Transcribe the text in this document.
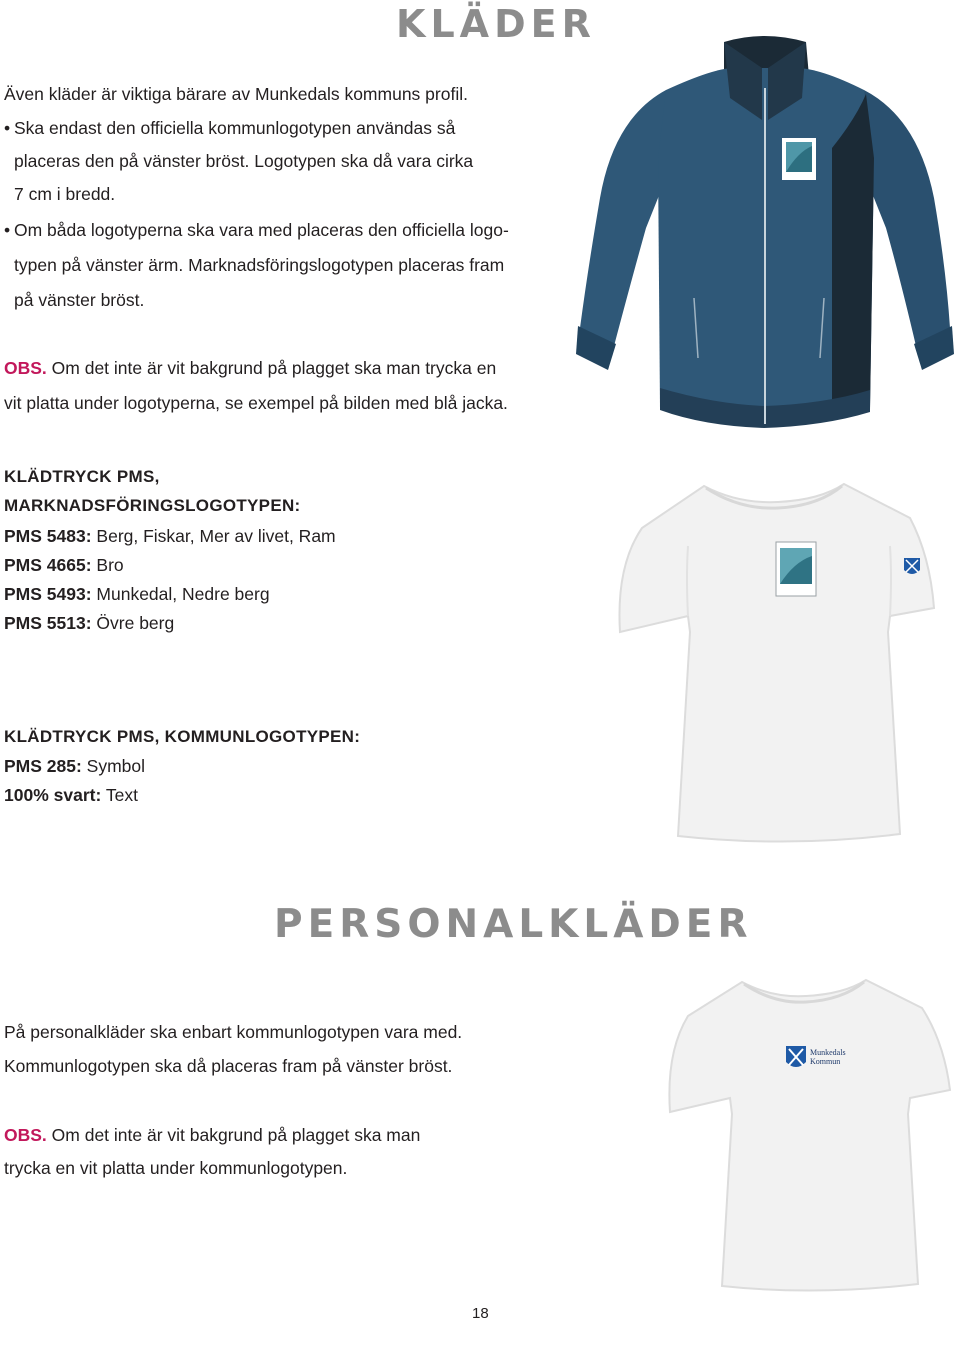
KLÄDER
Även kläder är viktiga bärare av Munkedals kommuns profil.
• Ska endast den officiella kommunlogotypen användas så
placeras den på vänster bröst. Logotypen ska då vara cirka
7 cm i bredd.
• Om båda logotyperna ska vara med placeras den officiella logo-
typen på vänster ärm. Marknadsföringslogotypen placeras fram
på vänster bröst.
OBS. Om det inte är vit bakgrund på plagget ska man trycka en
vit platta under logotyperna, se exempel på bilden med blå jacka.
KLÄDTRYCK PMS,
MARKNADSFÖRINGSLOGOTYPEN:
PMS 5483: Berg, Fiskar, Mer av livet, Ram
PMS 4665: Bro
PMS 5493: Munkedal, Nedre berg
PMS 5513: Övre berg
KLÄDTRYCK PMS, KOMMUNLOGOTYPEN:
PMS 285: Symbol
100% svart: Text
PERSONALKLÄDER
På personalkläder ska enbart kommunlogotypen vara med.
Kommunlogotypen ska då placeras fram på vänster bröst.
OBS. Om det inte är vit bakgrund på plagget ska man
trycka en vit platta under kommunlogotypen.
18
Munkedals
Kommun
